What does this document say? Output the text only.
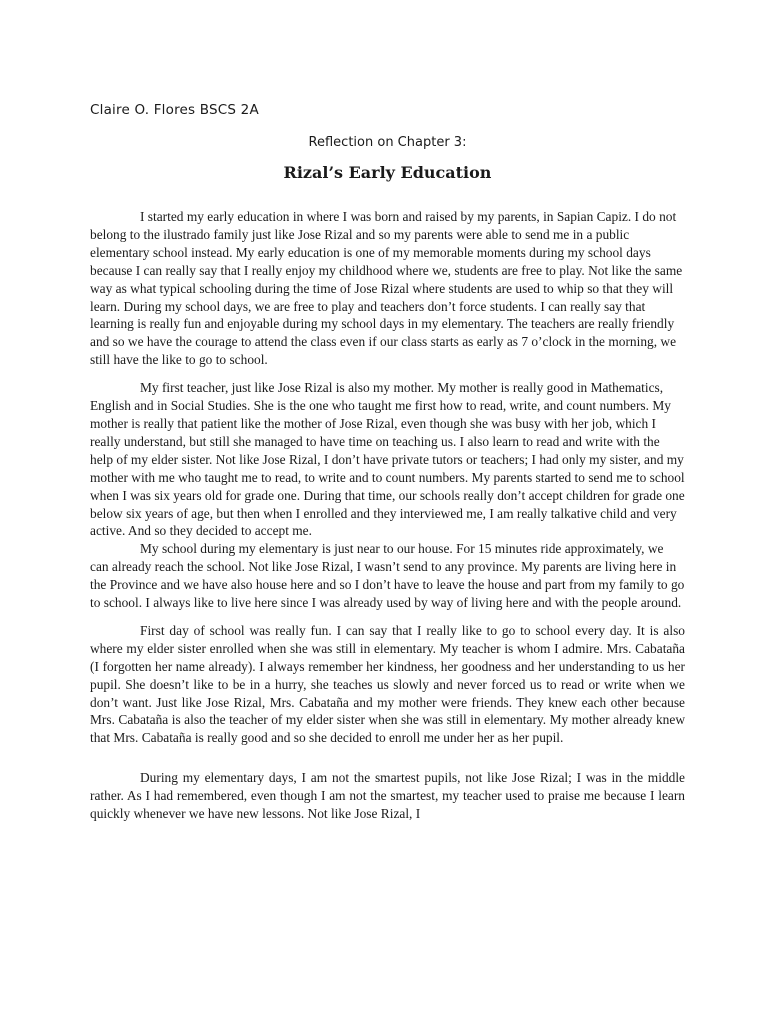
Claire O. Flores BSCS 2A

Reflection on Chapter 3:

Rizal’s Early Education

I started my early education in where I was born and raised by my parents, in Sapian Capiz. I do not belong to the ilustrado family just like Jose Rizal and so my parents were able to send me in a public elementary school instead. My early education is one of my memorable moments during my school days because I can really say that I really enjoy my childhood where we, students are free to play. Not like the same way as what typical schooling during the time of Jose Rizal where students are used to whip so that they will learn. During my school days, we are free to play and teachers don’t force students. I can really say that learning is really fun and enjoyable during my school days in my elementary. The teachers are really friendly and so we have the courage to attend the class even if our class starts as early as 7 o’clock in the morning, we still have the like to go to school.

My first teacher, just like Jose Rizal is also my mother. My mother is really good in Mathematics, English and in Social Studies. She is the one who taught me first how to read, write, and count numbers. My mother is really that patient like the mother of Jose Rizal, even though she was busy with her job, which I really understand, but still she managed to have time on teaching us. I also learn to read and write with the help of my elder sister. Not like Jose Rizal, I don’t have private tutors or teachers; I had only my sister, and my mother with me who taught me to read, to write and to count numbers. My parents started to send me to school when I was six years old for grade one. During that time, our schools really don’t accept children for grade one below six years of age, but then when I enrolled and they interviewed me, I am really talkative child and very active. And so they decided to accept me.

My school during my elementary is just near to our house. For 15 minutes ride approximately, we can already reach the school. Not like Jose Rizal, I wasn’t send to any province. My parents are living here in the Province and we have also house here and so I don’t have to leave the house and part from my family to go to school. I always like to live here since I was already used by way of living here and with the people around.

First day of school was really fun. I can say that I really like to go to school every day. It is also where my elder sister enrolled when she was still in elementary. My teacher is whom I admire. Mrs. Cabataña (I forgotten her name already). I always remember her kindness, her goodness and her understanding to us her pupil. She doesn’t like to be in a hurry, she teaches us slowly and never forced us to read or write when we don’t want. Just like Jose Rizal, Mrs. Cabataña and my mother were friends. They knew each other because Mrs. Cabataña is also the teacher of my elder sister when she was still in elementary. My mother already knew that Mrs. Cabataña is really good and so she decided to enroll me under her as her pupil.

During my elementary days, I am not the smartest pupils, not like Jose Rizal; I was in the middle rather. As I had remembered, even though I am not the smartest, my teacher used to praise me because I learn quickly whenever we have new lessons. Not like Jose Rizal, I
